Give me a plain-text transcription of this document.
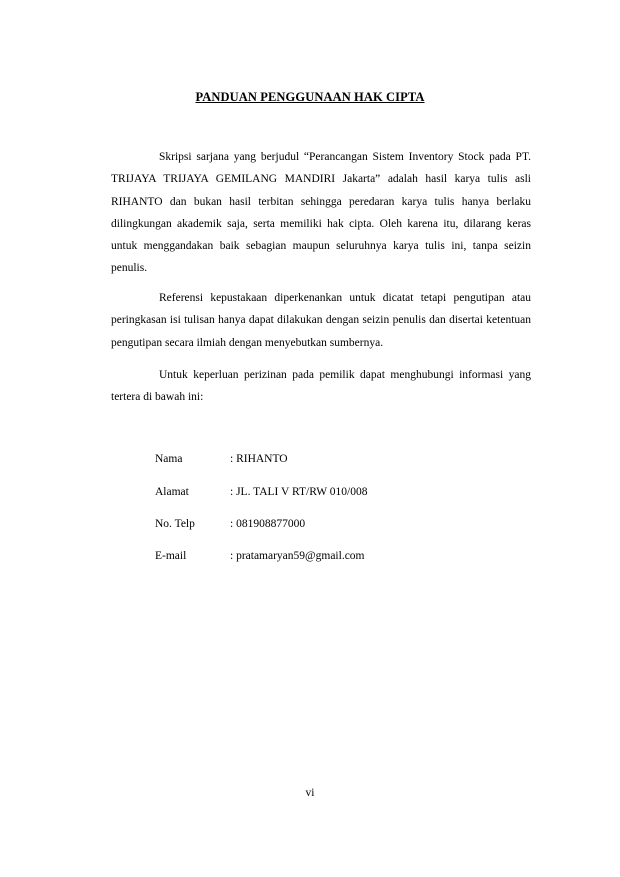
PANDUAN PENGGUNAAN HAK CIPTA

Skripsi sarjana yang berjudul “Perancangan Sistem Inventory Stock pada PT. TRIJAYA TRIJAYA GEMILANG MANDIRI Jakarta” adalah hasil karya tulis asli RIHANTO dan bukan hasil terbitan sehingga peredaran karya tulis hanya berlaku dilingkungan akademik saja, serta memiliki hak cipta. Oleh karena itu, dilarang keras untuk menggandakan baik sebagian maupun seluruhnya karya tulis ini, tanpa seizin penulis.

Referensi kepustakaan diperkenankan untuk dicatat tetapi pengutipan atau peringkasan isi tulisan hanya dapat dilakukan dengan seizin penulis dan disertai ketentuan pengutipan secara ilmiah dengan menyebutkan sumbernya.

Untuk keperluan perizinan pada pemilik dapat menghubungi informasi yang tertera di bawah ini:

Nama	: RIHANTO
Alamat	: JL. TALI V RT/RW 010/008
No. Telp	: 081908877000
E-mail	: pratamaryan59@gmail.com
vi
